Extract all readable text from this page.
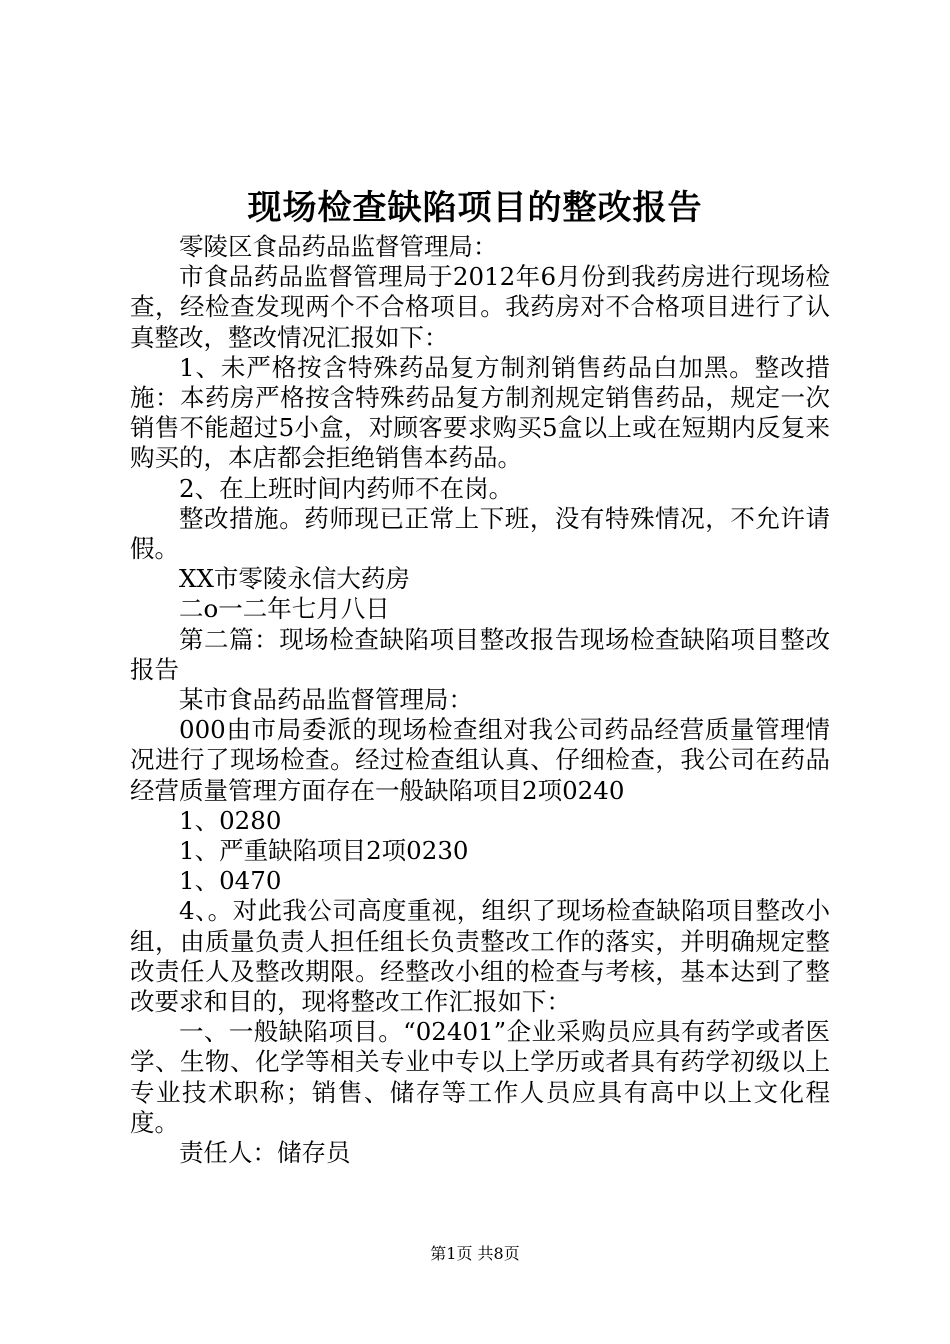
现场检查缺陷项目的整改报告

零陵区食品药品监督管理局：

市食品药品监督管理局于2012年6月份到我药房进行现场检查，经检查发现两个不合格项目。我药房对不合格项目进行了认真整改，整改情况汇报如下：

1、未严格按含特殊药品复方制剂销售药品白加黑。整改措施：本药房严格按含特殊药品复方制剂规定销售药品，规定一次销售不能超过5小盒，对顾客要求购买5盒以上或在短期内反复来购买的，本店都会拒绝销售本药品。

2、在上班时间内药师不在岗。

整改措施。药师现已正常上下班，没有特殊情况，不允许请假。

XX市零陵永信大药房

二o一二年七月八日

第二篇：现场检查缺陷项目整改报告现场检查缺陷项目整改报告

某市食品药品监督管理局：

000由市局委派的现场检查组对我公司药品经营质量管理情况进行了现场检查。经过检查组认真、仔细检查，我公司在药品经营质量管理方面存在一般缺陷项目2项0240

1、0280

1、严重缺陷项目2项0230

1、0470

4、。对此我公司高度重视，组织了现场检查缺陷项目整改小组，由质量负责人担任组长负责整改工作的落实，并明确规定整改责任人及整改期限。经整改小组的检查与考核，基本达到了整改要求和目的，现将整改工作汇报如下：

一、一般缺陷项目。“02401”企业采购员应具有药学或者医学、生物、化学等相关专业中专以上学历或者具有药学初级以上专业技术职称；销售、储存等工作人员应具有高中以上文化程度。

责任人：储存员

第1页 共8页
